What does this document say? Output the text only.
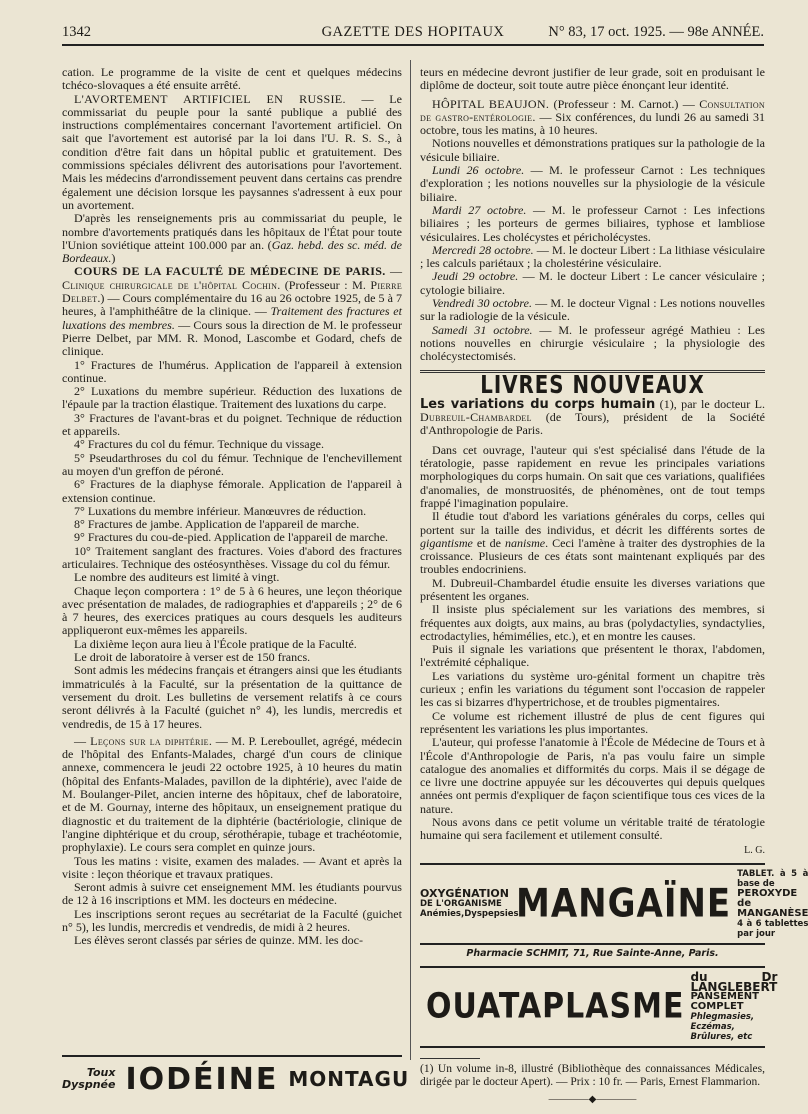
1342	GAZETTE DES HOPITAUX	N° 83, 17 oct. 1925. — 98e ANNÉE.

cation. Le programme de la visite de cent et quelques médecins tchéco-slovaques a été ensuite arrêté.

L'AVORTEMENT ARTIFICIEL EN RUSSIE. — Le commissariat du peuple pour la santé publique a publié des instructions complémentaires concernant l'avortement artificiel. On sait que l'avortement est autorisé par la loi dans l'U. R. S. S., à condition d'être fait dans un hôpital public et gratuitement. Des commissions spéciales délivrent des autorisations pour l'avortement. Mais les médecins d'arrondissement peuvent dans certains cas prendre également une décision lorsque les paysannes s'adressent à eux pour un avortement.

D'après les renseignements pris au commissariat du peuple, le nombre d'avortements pratiqués dans les hôpitaux de l'État pour toute l'Union soviétique atteint 100.000 par an. (Gaz. hebd. des sc. méd. de Bordeaux.)

COURS DE LA FACULTÉ DE MÉDECINE DE PARIS. — Clinique chirurgicale de l'hôpital Cochin. (Professeur : M. Pierre Delbet.) — Cours complémentaire du 16 au 26 octobre 1925, de 5 à 7 heures, à l'amphithéâtre de la clinique. — Traitement des fractures et luxations des membres. — Cours sous la direction de M. le professeur Pierre Delbet, par MM. R. Monod, Lascombe et Godard, chefs de clinique.

1° Fractures de l'humérus. Application de l'appareil à extension continue.

2° Luxations du membre supérieur. Réduction des luxations de l'épaule par la traction élastique. Traitement des luxations du carpe.

3° Fractures de l'avant-bras et du poignet. Technique de réduction et appareils.

4° Fractures du col du fémur. Technique du vissage.

5° Pseudarthroses du col du fémur. Technique de l'enchevillement au moyen d'un greffon de péroné.

6° Fractures de la diaphyse fémorale. Application de l'appareil à extension continue.

7° Luxations du membre inférieur. Manœuvres de réduction.

8° Fractures de jambe. Application de l'appareil de marche.

9° Fractures du cou-de-pied. Application de l'appareil de marche.

10° Traitement sanglant des fractures. Voies d'abord des fractures articulaires. Technique des ostéosynthèses. Vissage du col du fémur.

Le nombre des auditeurs est limité à vingt.

Chaque leçon comportera : 1° de 5 à 6 heures, une leçon théorique avec présentation de malades, de radiographies et d'appareils ; 2° de 6 à 7 heures, des exercices pratiques au cours desquels les auditeurs appliqueront eux-mêmes les appareils.

La dixième leçon aura lieu à l'École pratique de la Faculté.

Le droit de laboratoire à verser est de 150 francs.

Sont admis les médecins français et étrangers ainsi que les étudiants immatriculés à la Faculté, sur la présentation de la quittance de versement du droit. Les bulletins de versement relatifs à ce cours seront délivrés à la Faculté (guichet n° 4), les lundis, mercredis et vendredis, de 15 à 17 heures.

— Leçons sur la diphtérie. — M. P. Lereboullet, agrégé, médecin de l'hôpital des Enfants-Malades, chargé d'un cours de clinique annexe, commencera le jeudi 22 octobre 1925, à 10 heures du matin (hôpital des Enfants-Malades, pavillon de la diphtérie), avec l'aide de M. Boulanger-Pilet, ancien interne des hôpitaux, chef de laboratoire, et de M. Gournay, interne des hôpitaux, un enseignement pratique du diagnostic et du traitement de la diphtérie (bactériologie, clinique de l'angine diphtérique et du croup, sérothérapie, tubage et trachéotomie, prophylaxie). Le cours sera complet en quinze jours.

Tous les matins : visite, examen des malades. — Avant et après la visite : leçon théorique et travaux pratiques.

Seront admis à suivre cet enseignement MM. les étudiants pourvus de 12 à 16 inscriptions et MM. les docteurs en médecine.

Les inscriptions seront reçues au secrétariat de la Faculté (guichet n° 5), les lundis, mercredis et vendredis, de midi à 2 heures.

Les élèves seront classés par séries de quinze. MM. les doc-

Toux
Dyspnée IODÉINE MONTAGU

teurs en médecine devront justifier de leur grade, soit en produisant le diplôme de docteur, soit toute autre pièce énonçant leur identité.

HÔPITAL BEAUJON. (Professeur : M. Carnot.) — Consultation de gastro-entérologie. — Six conférences, du lundi 26 au samedi 31 octobre, tous les matins, à 10 heures.

Notions nouvelles et démonstrations pratiques sur la pathologie de la vésicule biliaire.

Lundi 26 octobre. — M. le professeur Carnot : Les techniques d'exploration ; les notions nouvelles sur la physiologie de la vésicule biliaire.

Mardi 27 octobre. — M. le professeur Carnot : Les infections biliaires ; les porteurs de germes biliaires, typhose et lambliose vésiculaires. Les cholécystes et péricholécystes.

Mercredi 28 octobre. — M. le docteur Libert : La lithiase vésiculaire ; les calculs pariétaux ; la cholestérine vésiculaire.

Jeudi 29 octobre. — M. le docteur Libert : Le cancer vésiculaire ; cytologie biliaire.

Vendredi 30 octobre. — M. le docteur Vignal : Les notions nouvelles sur la radiologie de la vésicule.

Samedi 31 octobre. — M. le professeur agrégé Mathieu : Les notions nouvelles en chirurgie vésiculaire ; la physiologie des cholécystectomisés.

LIVRES NOUVEAUX

Les variations du corps humain (1), par le docteur L. Dubreuil-Chambardel (de Tours), président de la Société d'Anthropologie de Paris.

Dans cet ouvrage, l'auteur qui s'est spécialisé dans l'étude de la tératologie, passe rapidement en revue les principales variations morphologiques du corps humain. On sait que ces variations, qualifiées d'anomalies, de monstruosités, de phénomènes, ont de tout temps frappé l'imagination populaire.

Il étudie tout d'abord les variations générales du corps, celles qui portent sur la taille des individus, et décrit les différents sortes de gigantisme et de nanisme. Ceci l'amène à traiter des dystrophies de la croissance. Plusieurs de ces états sont maintenant expliqués par des troubles endocriniens.

M. Dubreuil-Chambardel étudie ensuite les diverses variations que présentent les organes.

Il insiste plus spécialement sur les variations des membres, si fréquentes aux doigts, aux mains, au bras (polydactylies, syndactylies, ectrodactylies, hémimélies, etc.), et en montre les causes.

Puis il signale les variations que présentent le thorax, l'abdomen, l'extrémité céphalique.

Les variations du système uro-génital forment un chapitre très curieux ; enfin les variations du tégument sont l'occasion de rappeler les cas si bizarres d'hypertrichose, et de troubles pigmentaires.

Ce volume est richement illustré de plus de cent figures qui représentent les variations les plus importantes.

L'auteur, qui professe l'anatomie à l'École de Médecine de Tours et à l'École d'Anthropologie de Paris, n'a pas voulu faire un simple catalogue des anomalies et difformités du corps. Mais il se dégage de ce livre une doctrine appuyée sur les découvertes qui depuis quelques années ont permis d'expliquer de façon scientifique tous ces vices de la nature.

Nous avons dans ce petit volume un véritable traité de tératologie humaine qui sera facilement et utilement consulté.

L. G.
OXYGÉNATION
DE L'ORGANISME
Anémies,Dyspepsies
MANGAÏNE
TABLET. à 5 à base de
PEROXYDE de MANGANÈSE
4 à 6 tablettes par jour
Pharmacie SCHMIT, 71, Rue Sainte-Anne, Paris.
OUATAPLASME
du Dr LANGLEBERT
PANSEMENT COMPLET
Phlegmasies, Eczémas, Brûlures, etc

(1) Un volume in-8, illustré (Bibliothèque des connaissances Médicales, dirigée par le docteur Apert). — Prix : 10 fr. — Paris, Ernest Flammarion.

――――◆――――
